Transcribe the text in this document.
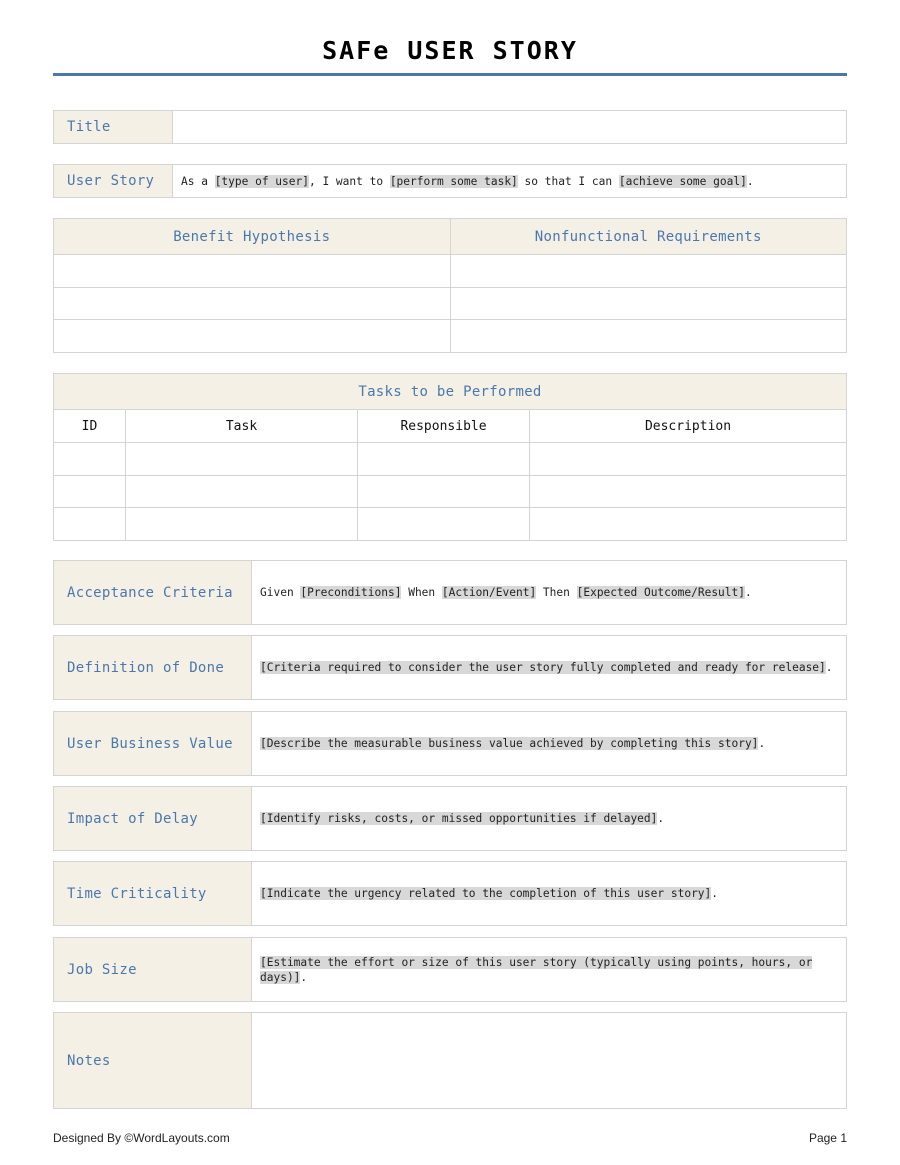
SAFe USER STORY
Title
User Story	As a [type of user], I want to [perform some task] so that I can [achieve some goal].
Benefit Hypothesis	Nonfunctional Requirements

Tasks to be Performed			
ID	Task	Responsible	Description

Acceptance Criteria	Given [Preconditions] When [Action/Event] Then [Expected Outcome/Result].
Definition of Done	[Criteria required to consider the user story fully completed and ready for release].
User Business Value	[Describe the measurable business value achieved by completing this story].
Impact of Delay	[Identify risks, costs, or missed opportunities if delayed].
Time Criticality	[Indicate the urgency related to the completion of this user story].
Job Size	[Estimate the effort or size of this user story (typically using points, hours, or days)].
Notes
Designed By ©WordLayouts.com	Page 1
